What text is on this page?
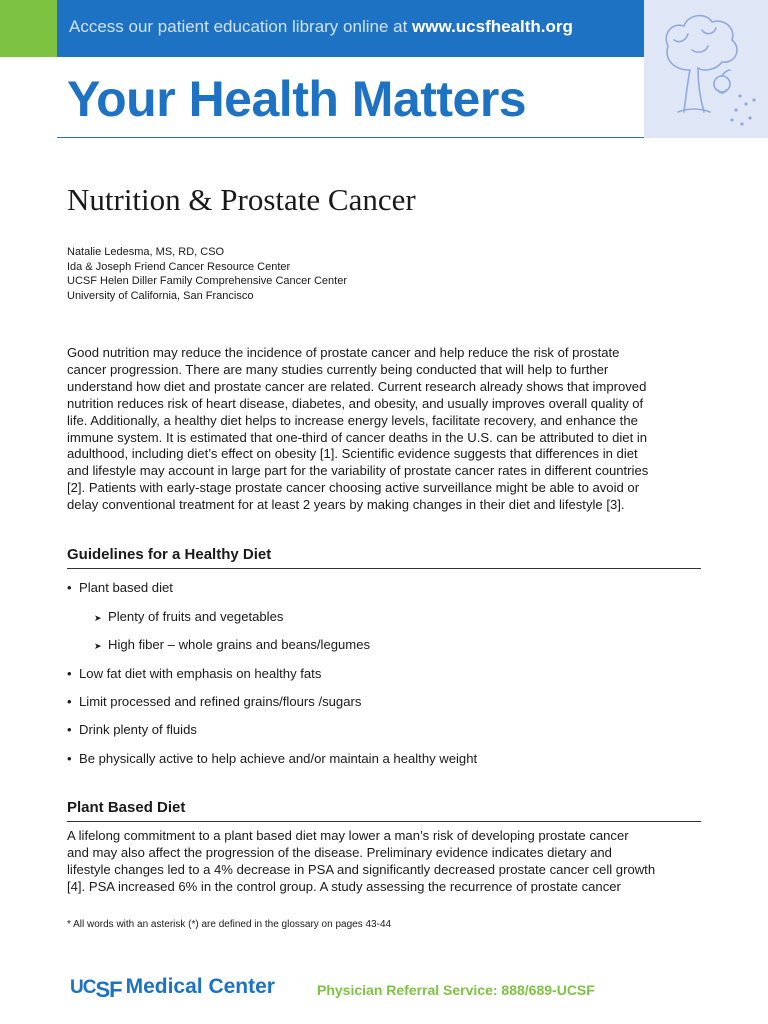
Access our patient education library online at www.ucsfhealth.org
Your Health Matters
Nutrition & Prostate Cancer
Natalie Ledesma, MS, RD, CSO
Ida & Joseph Friend Cancer Resource Center
UCSF Helen Diller Family Comprehensive Cancer Center
University of California, San Francisco
Good nutrition may reduce the incidence of prostate cancer and help reduce the risk of prostate
cancer progression. There are many studies currently being conducted that will help to further
understand how diet and prostate cancer are related. Current research already shows that improved
nutrition reduces risk of heart disease, diabetes, and obesity, and usually improves overall quality of
life. Additionally, a healthy diet helps to increase energy levels, facilitate recovery, and enhance the
immune system. It is estimated that one-third of cancer deaths in the U.S. can be attributed to diet in
adulthood, including diet’s effect on obesity [1]. Scientific evidence suggests that differences in diet
and lifestyle may account in large part for the variability of prostate cancer rates in different countries
[2]. Patients with early-stage prostate cancer choosing active surveillance might be able to avoid or
delay conventional treatment for at least 2 years by making changes in their diet and lifestyle [3].
Guidelines for a Healthy Diet
• Plant based diet
➤ Plenty of fruits and vegetables
➤ High fiber – whole grains and beans/legumes
• Low fat diet with emphasis on healthy fats
• Limit processed and refined grains/flours /sugars
• Drink plenty of fluids
• Be physically active to help achieve and/or maintain a healthy weight
Plant Based Diet
A lifelong commitment to a plant based diet may lower a man’s risk of developing prostate cancer
and may also affect the progression of the disease. Preliminary evidence indicates dietary and
lifestyle changes led to a 4% decrease in PSA and significantly decreased prostate cancer cell growth
[4]. PSA increased 6% in the control group. A study assessing the recurrence of prostate cancer
* All words with an asterisk (*) are defined in the glossary on pages 43-44
UCSF Medical Center	Physician Referral Service: 888/689-UCSF
